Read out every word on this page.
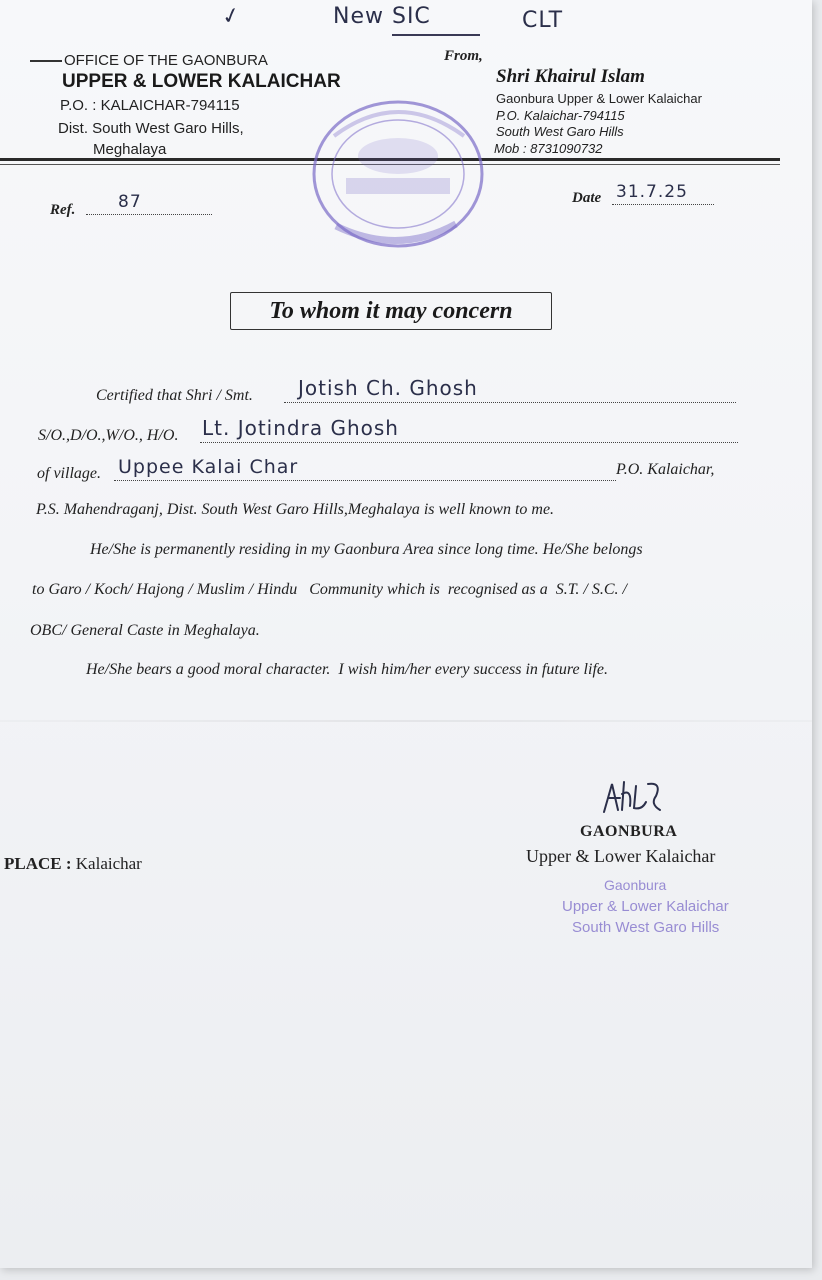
✓	New SIC	CLT
OFFICE OF THE GAONBURA
UPPER & LOWER KALAICHAR
P.O. : KALAICHAR-794115
Dist. South West Garo Hills,
Meghalaya
From,
Shri Khairul Islam
Gaonbura Upper & Lower Kalaichar
P.O. Kalaichar-794115
South West Garo Hills
Mob : 8731090732
Ref.	87	Date 31.7.25
To whom it may concern
Certified that Shri / Smt. Jotish Ch. Ghosh
S/O.,D/O.,W/O., H/O. Lt. Jotindra Ghosh
of village. Uppee Kalai Char	P.O. Kalaichar,
P.S. Mahendraganj, Dist. South West Garo Hills,Meghalaya is well known to me.
He/She is permanently residing in my Gaonbura Area since long time. He/She belongs
to Garo / Koch/ Hajong / Muslim / Hindu   Community which is  recognised as a  S.T. / S.C. /
OBC/ General Caste in Meghalaya.
He/She bears a good moral character.  I wish him/her every success in future life.
GAONBURA
Upper & Lower Kalaichar
PLACE : Kalaichar
Gaonbura
Upper & Lower Kalaichar
South West Garo Hills
